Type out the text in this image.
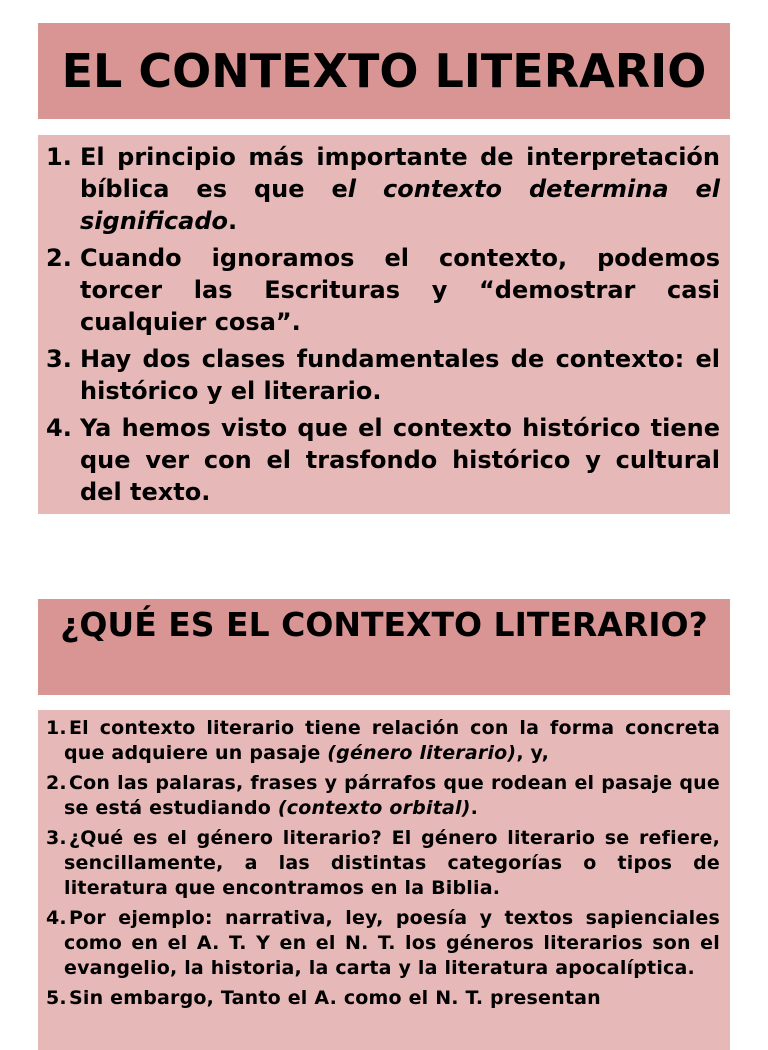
EL CONTEXTO LITERARIO
1. El principio más importante de interpretación bíblica es que el contexto determina el significado.
2. Cuando ignoramos el contexto, podemos torcer las Escrituras y “demostrar casi cualquier cosa”.
3. Hay dos clases fundamentales de contexto: el histórico y el literario.
4. Ya hemos visto que el contexto histórico tiene que ver con el trasfondo histórico y cultural del texto.
¿QUÉ ES EL CONTEXTO LITERARIO?
1. El contexto literario tiene relación con la forma concreta que adquiere un pasaje (género literario), y,
2. Con las palaras, frases y párrafos que rodean el pasaje que se está estudiando (contexto orbital).
3. ¿Qué es el género literario? El género literario se refiere, sencillamente, a las distintas categorías o tipos de literatura que encontramos en la Biblia.
4. Por ejemplo: narrativa, ley, poesía y textos sapienciales como en el A. T. Y en el N. T. los géneros literarios son el evangelio, la historia, la carta y la literatura apocalíptica.
5. Sin embargo, Tanto el A. como el N. T. presentan
